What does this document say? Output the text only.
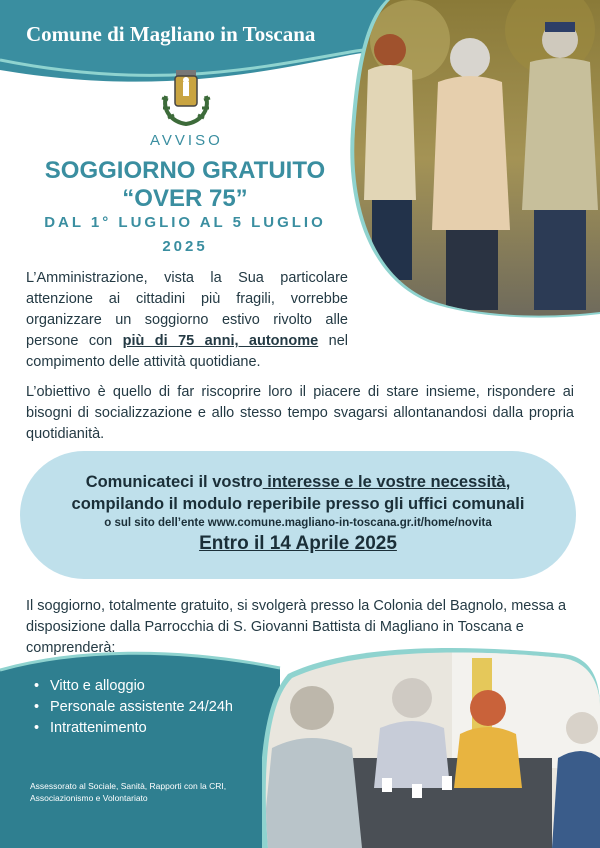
Comune di Magliano in Toscana
AVVISO
SOGGIORNO GRATUITO
“OVER 75”
DAL 1° LUGLIO AL 5 LUGLIO
2025
L’Amministrazione, vista la Sua particolare attenzione ai cittadini più fragili, vorrebbe organizzare un soggiorno estivo rivolto alle persone con più di 75 anni, autonome nel compimento delle attività quotidiane.
L’obiettivo è quello di far riscoprire loro il piacere di stare insieme, rispondere ai bisogni di socializzazione e allo stesso tempo svagarsi allontanandosi dalla propria quotidianità.
Comunicateci il vostro interesse e le vostre necessità,
compilando il modulo reperibile presso gli uffici comunali
o sul sito dell’ente www.comune.magliano-in-toscana.gr.it/home/novita
Entro il 14 Aprile 2025
Il soggiorno, totalmente gratuito, si svolgerà presso la Colonia del Bagnolo, messa a disposizione dalla Parrocchia di S. Giovanni Battista di Magliano in Toscana e comprenderà:
• Vitto e alloggio
• Personale assistente 24/24h
• Intrattenimento
Assessorato al Sociale, Sanità, Rapporti con la CRI,
Associazionismo e Volontariato
